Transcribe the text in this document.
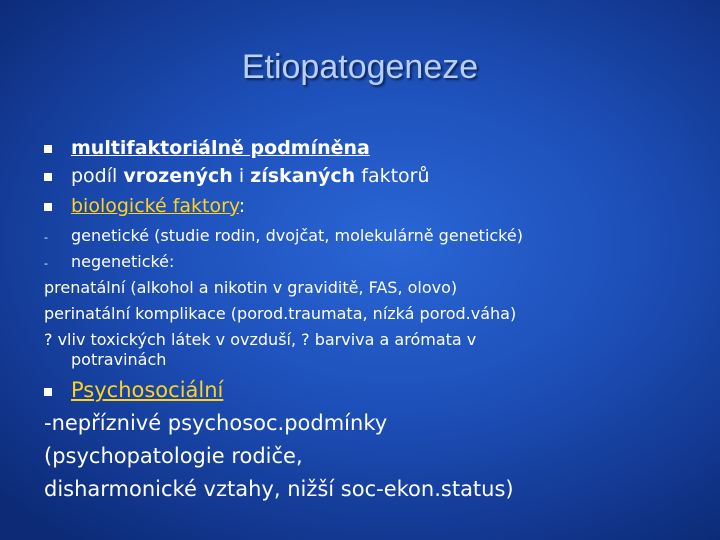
Etiopatogeneze
multifaktoriálně podmíněna
podíl vrozených i získaných faktorů
biologické faktory:
- genetické (studie rodin, dvojčat, molekulárně genetické)
- negenetické:
prenatální (alkohol a nikotin v graviditě, FAS, olovo)
perinatální komplikace (porod.traumata, nízká porod.váha)
? vliv toxických látek v ovzduší, ? barviva a arómata v
potravinách
Psychosociální
-nepříznivé psychosoc.podmínky
(psychopatologie rodiče,
disharmonické vztahy, nižší soc-ekon.status)
